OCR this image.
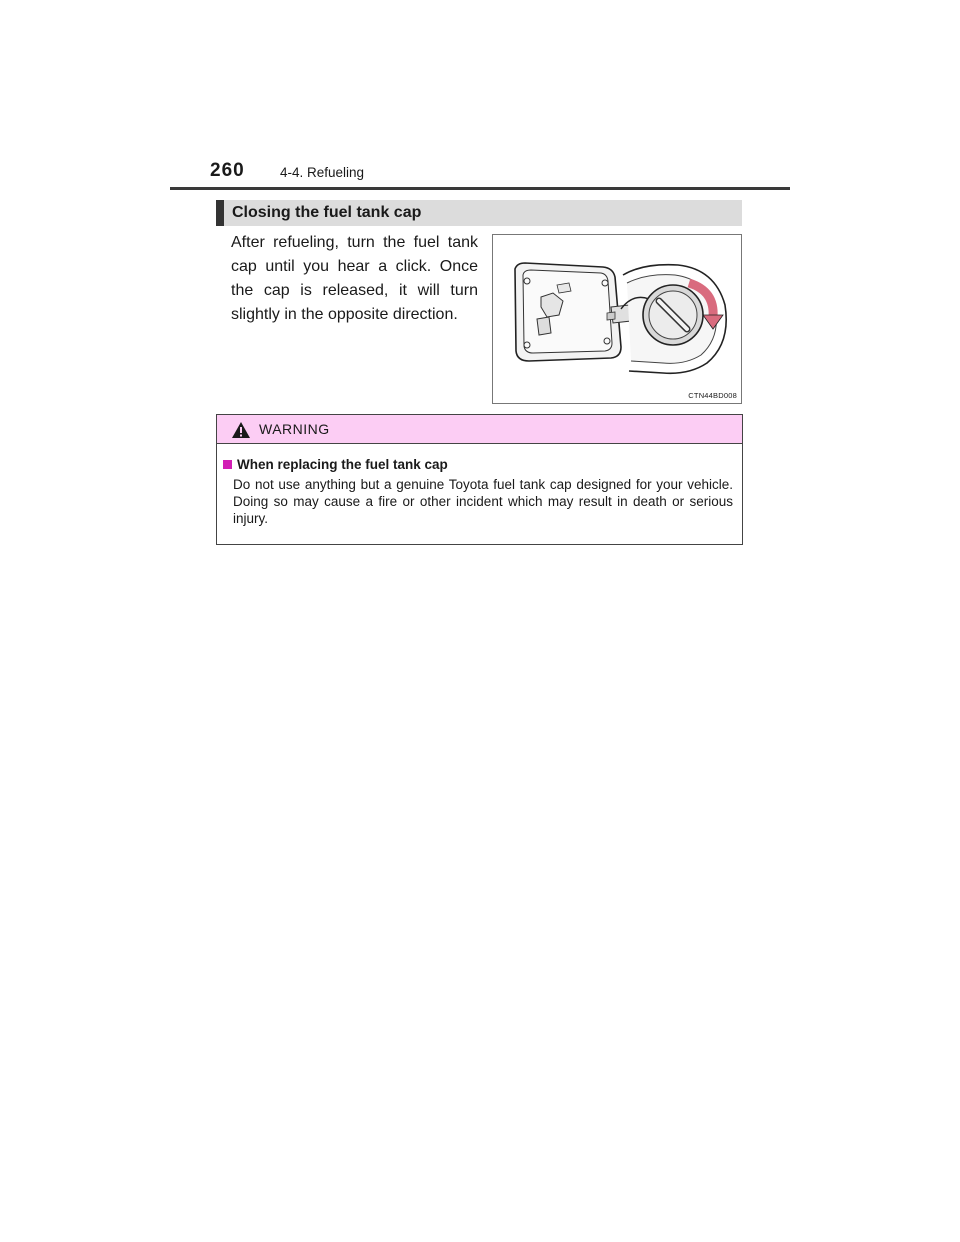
260	4-4. Refueling
Closing the fuel tank cap
After refueling, turn the fuel tank cap until you hear a click. Once the cap is released, it will turn slightly in the opposite direction.
CTN44BD008
WARNING
When replacing the fuel tank cap
Do not use anything but a genuine Toyota fuel tank cap designed for your vehicle. Doing so may cause a fire or other incident which may result in death or serious injury.
